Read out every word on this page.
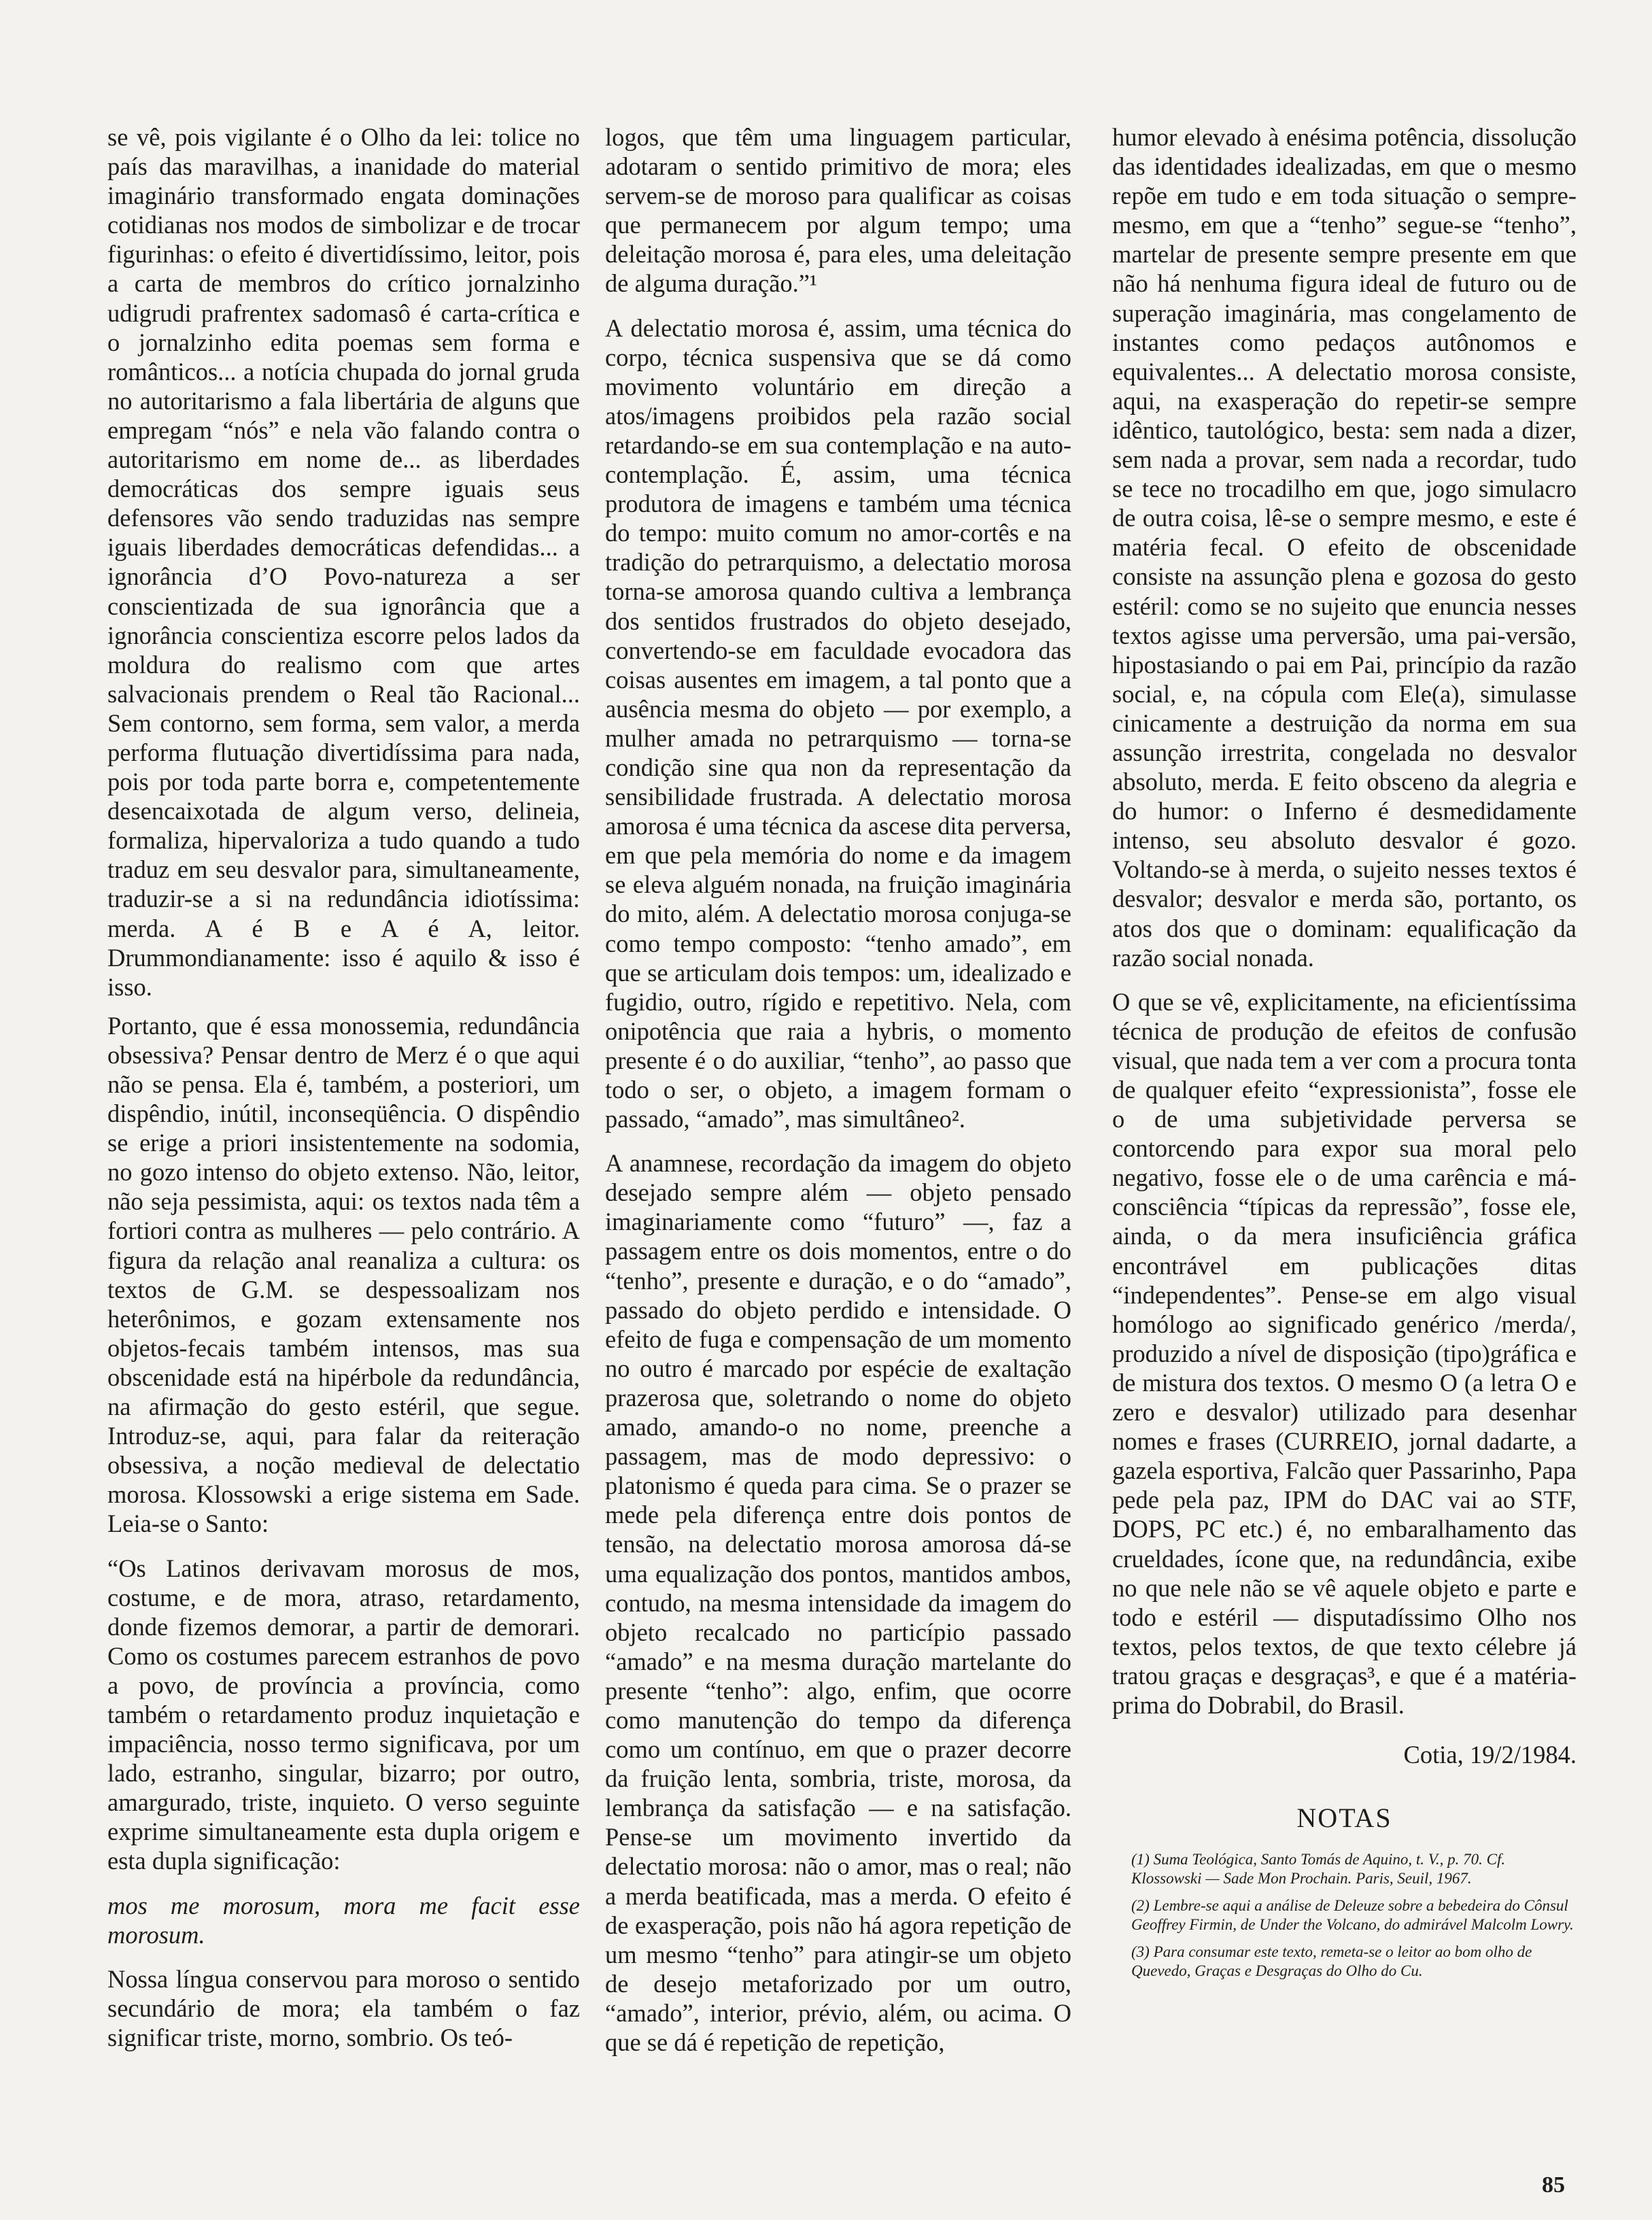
se vê, pois vigilante é o Olho da lei: tolice no país das maravilhas, a inanidade do material imaginário transformado engata dominações cotidianas nos modos de simbolizar e de trocar figurinhas: o efeito é divertidíssimo, leitor, pois a carta de membros do crítico jornalzinho udigrudi prafrentex sadomasô é carta-crítica e o jornalzinho edita poemas sem forma e românticos... a notícia chupada do jornal gruda no autoritarismo a fala libertária de alguns que empregam “nós” e nela vão falando contra o autoritarismo em nome de... as liberdades democráticas dos sempre iguais seus defensores vão sendo traduzidas nas sempre iguais liberdades democráticas defendidas... a ignorância d’O Povo-natureza a ser conscientizada de sua ignorância que a ignorância conscientiza escorre pelos lados da moldura do realismo com que artes salvacionais prendem o Real tão Racional... Sem contorno, sem forma, sem valor, a merda performa flutuação divertidíssima para nada, pois por toda parte borra e, competentemente desencaixotada de algum verso, delineia, formaliza, hipervaloriza a tudo quando a tudo traduz em seu desvalor para, simultaneamente, traduzir-se a si na redundância idiotíssima: merda. A é B e A é A, leitor. Drummondianamente: isso é aquilo & isso é isso.

Portanto, que é essa monossemia, redundância obsessiva? Pensar dentro de Merz é o que aqui não se pensa. Ela é, também, a posteriori, um dispêndio, inútil, inconseqüência. O dispêndio se erige a priori insistentemente na sodomia, no gozo intenso do objeto extenso. Não, leitor, não seja pessimista, aqui: os textos nada têm a fortiori contra as mulheres — pelo contrário. A figura da relação anal reanaliza a cultura: os textos de G.M. se despessoalizam nos heterônimos, e gozam extensamente nos objetos-fecais também intensos, mas sua obscenidade está na hipérbole da redundância, na afirmação do gesto estéril, que segue. Introduz-se, aqui, para falar da reiteração obsessiva, a noção medieval de delectatio morosa. Klossowski a erige sistema em Sade. Leia-se o Santo:

“Os Latinos derivavam morosus de mos, costume, e de mora, atraso, retardamento, donde fizemos demorar, a partir de demorari. Como os costumes parecem estranhos de povo a povo, de província a província, como também o retardamento produz inquietação e impaciência, nosso termo significava, por um lado, estranho, singular, bizarro; por outro, amargurado, triste, inquieto. O verso seguinte exprime simultaneamente esta dupla origem e esta dupla significação:

mos me morosum, mora me facit esse morosum.

Nossa língua conservou para moroso o sentido secundário de mora; ela também o faz significar triste, morno, sombrio. Os teó-

logos, que têm uma linguagem particular, adotaram o sentido primitivo de mora; eles servem-se de moroso para qualificar as coisas que permanecem por algum tempo; uma deleitação morosa é, para eles, uma deleitação de alguma duração.”¹

A delectatio morosa é, assim, uma técnica do corpo, técnica suspensiva que se dá como movimento voluntário em direção a atos/imagens proibidos pela razão social retardando-se em sua contemplação e na auto-contemplação. É, assim, uma técnica produtora de imagens e também uma técnica do tempo: muito comum no amor-cortês e na tradição do petrarquismo, a delectatio morosa torna-se amorosa quando cultiva a lembrança dos sentidos frustrados do objeto desejado, convertendo-se em faculdade evocadora das coisas ausentes em imagem, a tal ponto que a ausência mesma do objeto — por exemplo, a mulher amada no petrarquismo — torna-se condição sine qua non da representação da sensibilidade frustrada. A delectatio morosa amorosa é uma técnica da ascese dita perversa, em que pela memória do nome e da imagem se eleva alguém nonada, na fruição imaginária do mito, além. A delectatio morosa conjuga-se como tempo composto: “tenho amado”, em que se articulam dois tempos: um, idealizado e fugidio, outro, rígido e repetitivo. Nela, com onipotência que raia a hybris, o momento presente é o do auxiliar, “tenho”, ao passo que todo o ser, o objeto, a imagem formam o passado, “amado”, mas simultâneo².

A anamnese, recordação da imagem do objeto desejado sempre além — objeto pensado imaginariamente como “futuro” —, faz a passagem entre os dois momentos, entre o do “tenho”, presente e duração, e o do “amado”, passado do objeto perdido e intensidade. O efeito de fuga e compensação de um momento no outro é marcado por espécie de exaltação prazerosa que, soletrando o nome do objeto amado, amando-o no nome, preenche a passagem, mas de modo depressivo: o platonismo é queda para cima. Se o prazer se mede pela diferença entre dois pontos de tensão, na delectatio morosa amorosa dá-se uma equalização dos pontos, mantidos ambos, contudo, na mesma intensidade da imagem do objeto recalcado no particípio passado “amado” e na mesma duração martelante do presente “tenho”: algo, enfim, que ocorre como manutenção do tempo da diferença como um contínuo, em que o prazer decorre da fruição lenta, sombria, triste, morosa, da lembrança da satisfação — e na satisfação. Pense-se um movimento invertido da delectatio morosa: não o amor, mas o real; não a merda beatificada, mas a merda. O efeito é de exasperação, pois não há agora repetição de um mesmo “tenho” para atingir-se um objeto de desejo metaforizado por um outro, “amado”, interior, prévio, além, ou acima. O que se dá é repetição de repetição,

humor elevado à enésima potência, dissolução das identidades idealizadas, em que o mesmo repõe em tudo e em toda situação o sempre-mesmo, em que a “tenho” segue-se “tenho”, martelar de presente sempre presente em que não há nenhuma figura ideal de futuro ou de superação imaginária, mas congelamento de instantes como pedaços autônomos e equivalentes... A delectatio morosa consiste, aqui, na exasperação do repetir-se sempre idêntico, tautológico, besta: sem nada a dizer, sem nada a provar, sem nada a recordar, tudo se tece no trocadilho em que, jogo simulacro de outra coisa, lê-se o sempre mesmo, e este é matéria fecal. O efeito de obscenidade consiste na assunção plena e gozosa do gesto estéril: como se no sujeito que enuncia nesses textos agisse uma perversão, uma pai-versão, hipostasiando o pai em Pai, princípio da razão social, e, na cópula com Ele(a), simulasse cinicamente a destruição da norma em sua assunção irrestrita, congelada no desvalor absoluto, merda. E feito obsceno da alegria e do humor: o Inferno é desmedidamente intenso, seu absoluto desvalor é gozo. Voltando-se à merda, o sujeito nesses textos é desvalor; desvalor e merda são, portanto, os atos dos que o dominam: equalificação da razão social nonada.

O que se vê, explicitamente, na eficientíssima técnica de produção de efeitos de confusão visual, que nada tem a ver com a procura tonta de qualquer efeito “expressionista”, fosse ele o de uma subjetividade perversa se contorcendo para expor sua moral pelo negativo, fosse ele o de uma carência e má-consciência “típicas da repressão”, fosse ele, ainda, o da mera insuficiência gráfica encontrável em publicações ditas “independentes”. Pense-se em algo visual homólogo ao significado genérico /merda/, produzido a nível de disposição (tipo)gráfica e de mistura dos textos. O mesmo O (a letra O e zero e desvalor) utilizado para desenhar nomes e frases (CURREIO, jornal dadarte, a gazela esportiva, Falcão quer Passarinho, Papa pede pela paz, IPM do DAC vai ao STF, DOPS, PC etc.) é, no embaralhamento das crueldades, ícone que, na redundância, exibe no que nele não se vê aquele objeto e parte e todo e estéril — disputadíssimo Olho nos textos, pelos textos, de que texto célebre já tratou graças e desgraças³, e que é a matéria-prima do Dobrabil, do Brasil.

Cotia, 19/2/1984.

NOTAS

(1) Suma Teológica, Santo Tomás de Aquino, t. V., p. 70. Cf. Klossowski — Sade Mon Prochain. Paris, Seuil, 1967.

(2) Lembre-se aqui a análise de Deleuze sobre a bebedeira do Cônsul Geoffrey Firmin, de Under the Volcano, do admirável Malcolm Lowry.

(3) Para consumar este texto, remeta-se o leitor ao bom olho de Quevedo, Graças e Desgraças do Olho do Cu.

85
